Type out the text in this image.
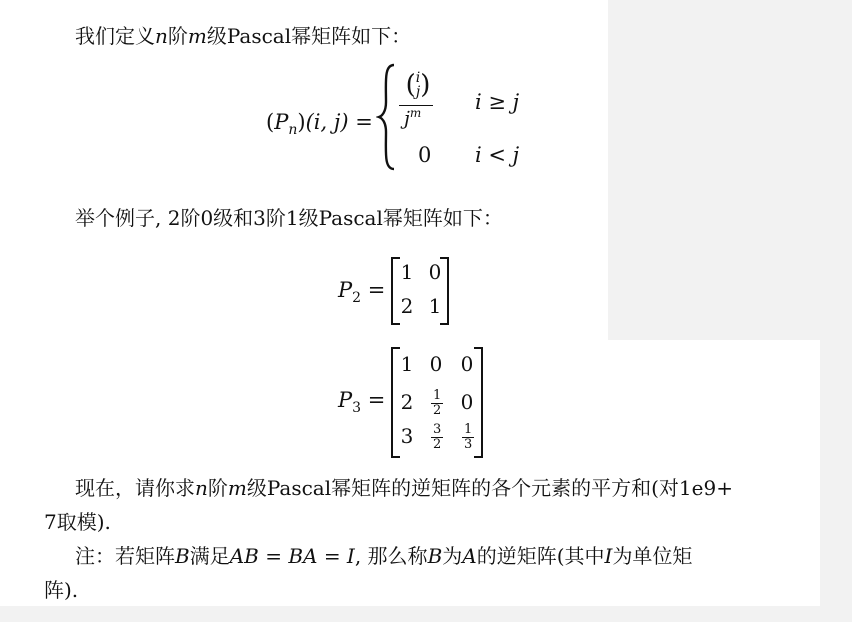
我们定义n阶m级Pascal幂矩阵如下：
$(P_n)(i$, j) =
(i
j)
$j^m$	i ≥ j
0 i < j
举个例子, 2阶0级和3阶1级Pascal幂矩阵如下：
$P_2$ =
1 0
2 1
$P_3$ =
1 0 0
2	$\frac{1}{2} 0$
3	$\frac{3}{2} \frac{1}{3}$
现在，请你求n阶m级Pascal幂矩阵的逆矩阵的各个元素的平方和(对1e9+
7取模).
注：若矩阵B满足AB = BA = I, 那么称B为A的逆矩阵(其中I为单位矩
阵).
